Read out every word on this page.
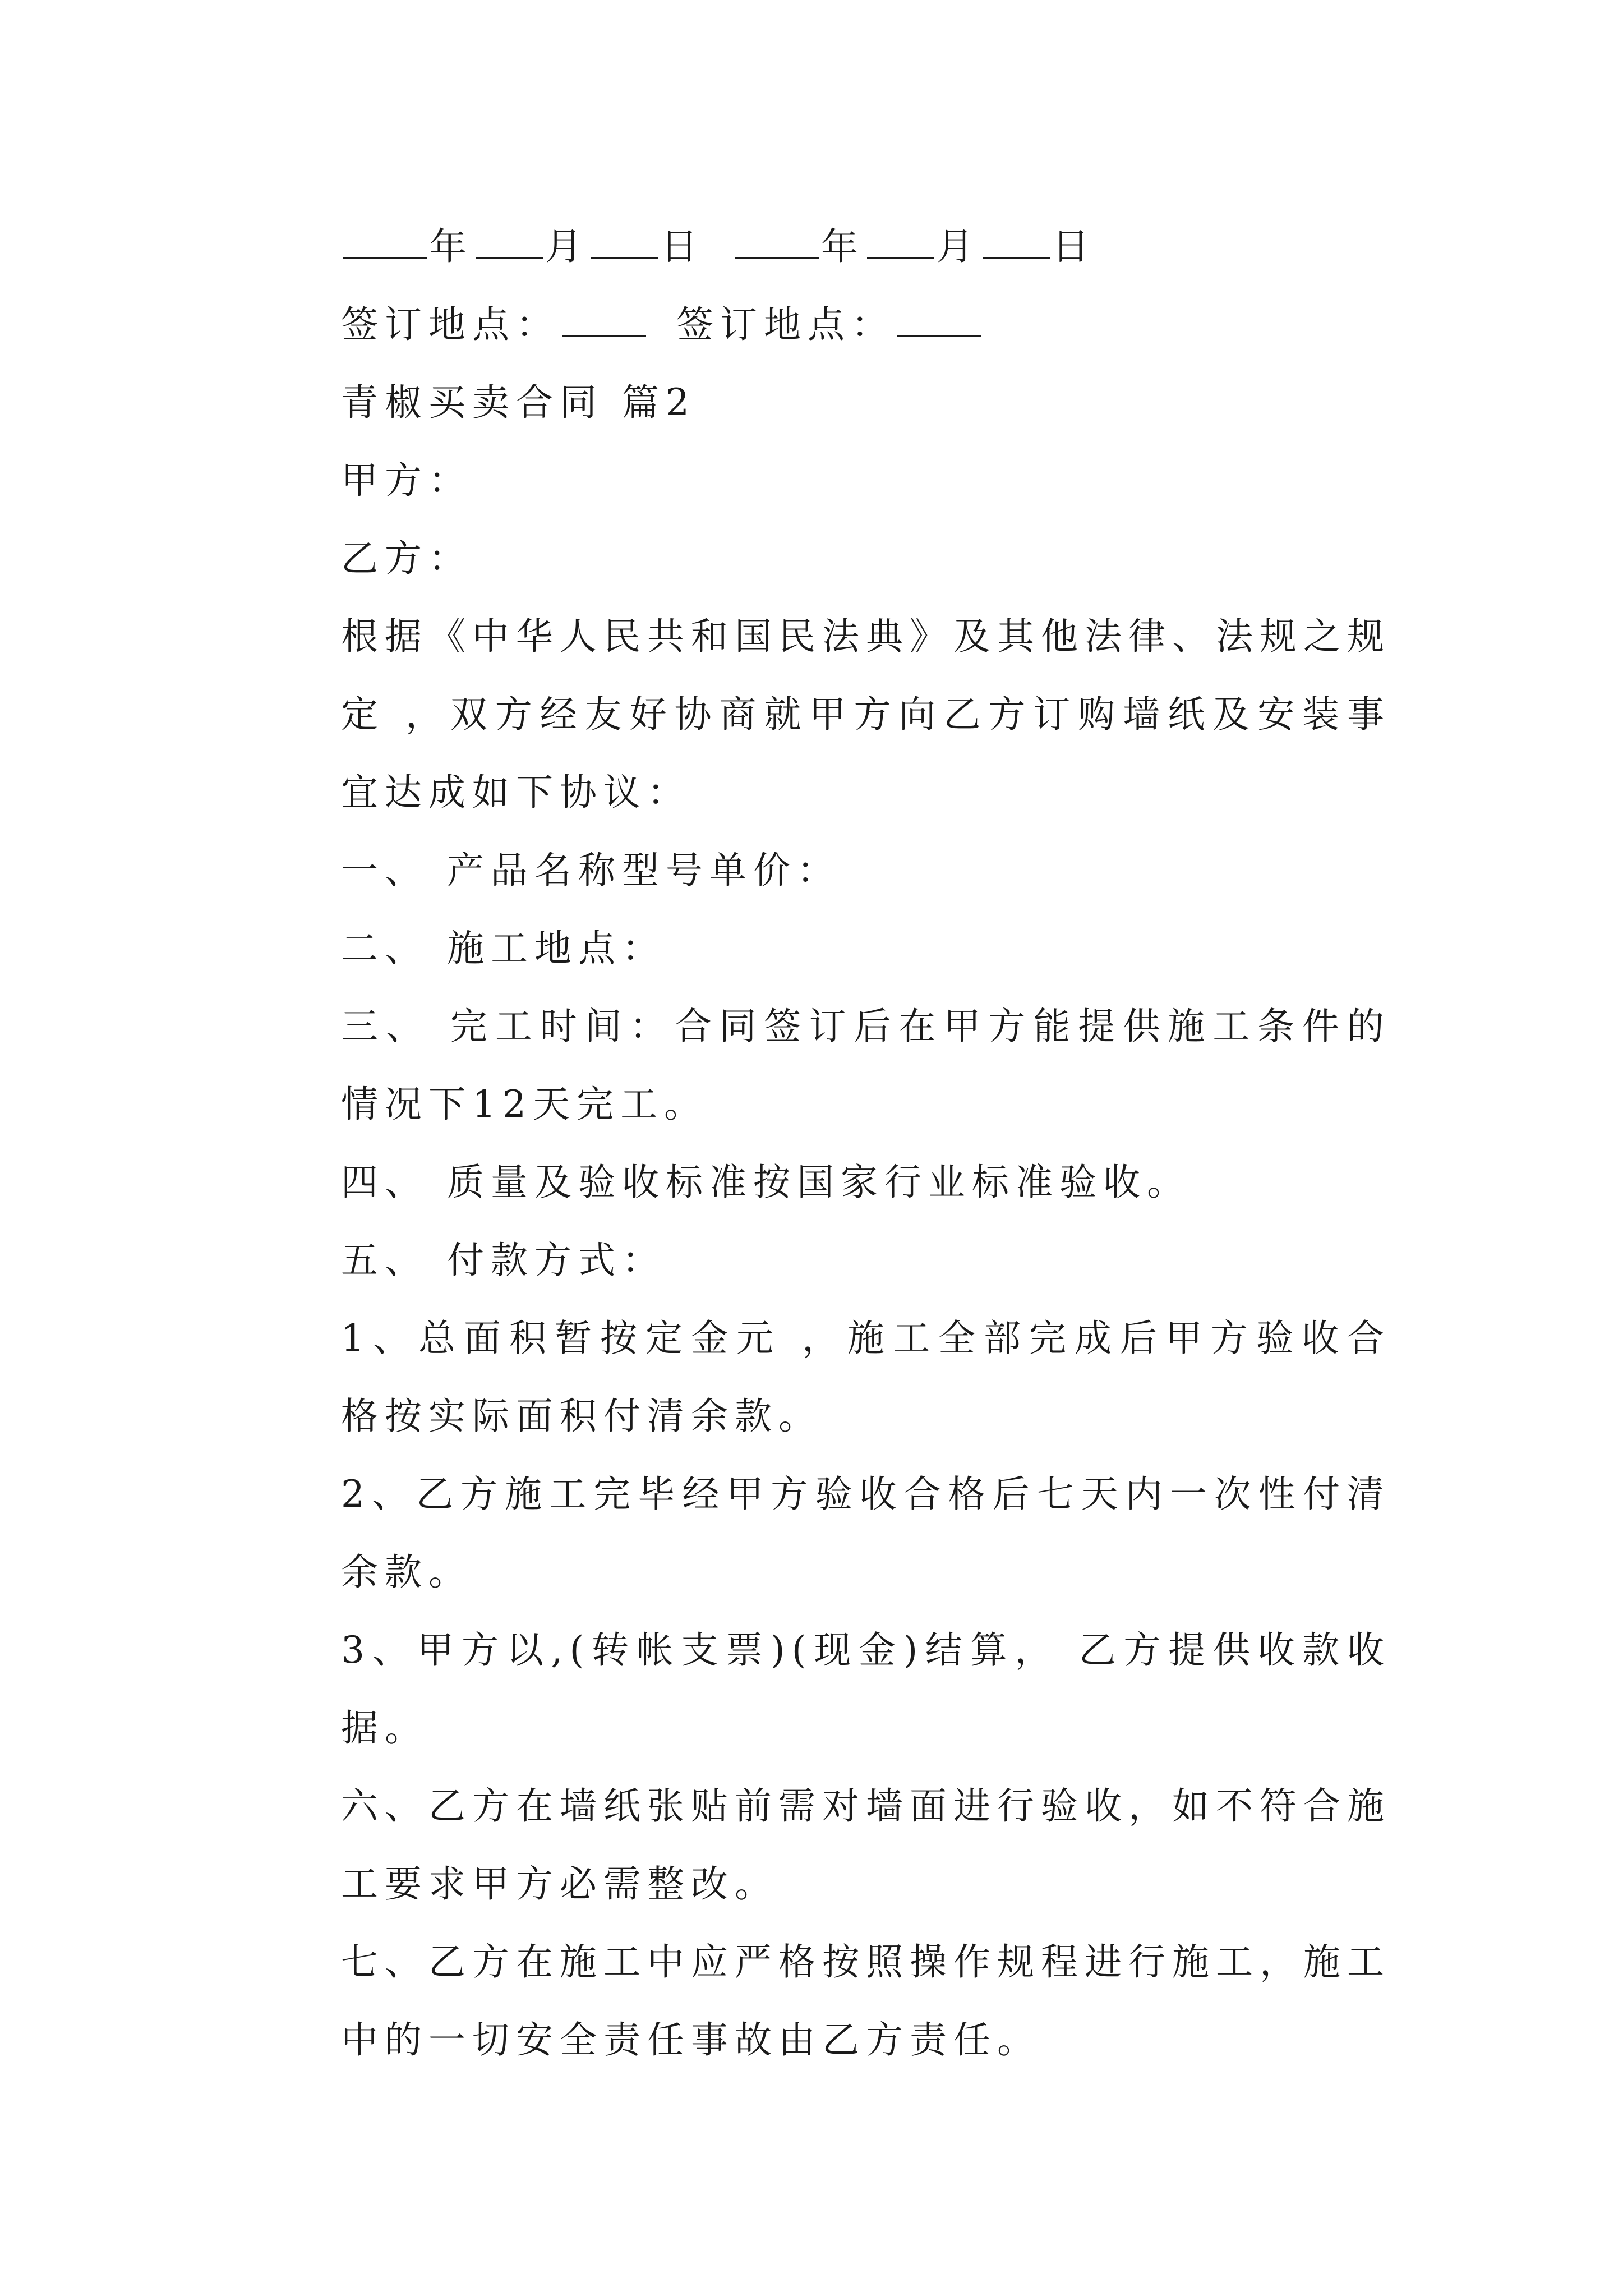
年 月 日	年 月 日
签订地点：	签订地点：
青椒买卖合同 篇2
甲方：
乙方：
根据《中华人民共和国民法典》及其他法律、法规之规定 ，双方经友好协商就甲方向乙方订购墙纸及安装事宜达成如下协议：
一、 产品名称型号单价：
二、 施工地点：
三、 完工时间：合同签订后在甲方能提供施工条件的情况下12天完工。
四、 质量及验收标准按国家行业标准验收。
五、 付款方式：
1、总面积暂按定金元 ，施工全部完成后甲方验收合格按实际面积付清余款。
2、乙方施工完毕经甲方验收合格后七天内一次性付清余款。
3、甲方以,(转帐支票)(现金)结算， 乙方提供收款收据。
六、乙方在墙纸张贴前需对墙面进行验收，如不符合施工要求甲方必需整改。
七、乙方在施工中应严格按照操作规程进行施工，施工中的一切安全责任事故由乙方责任。
